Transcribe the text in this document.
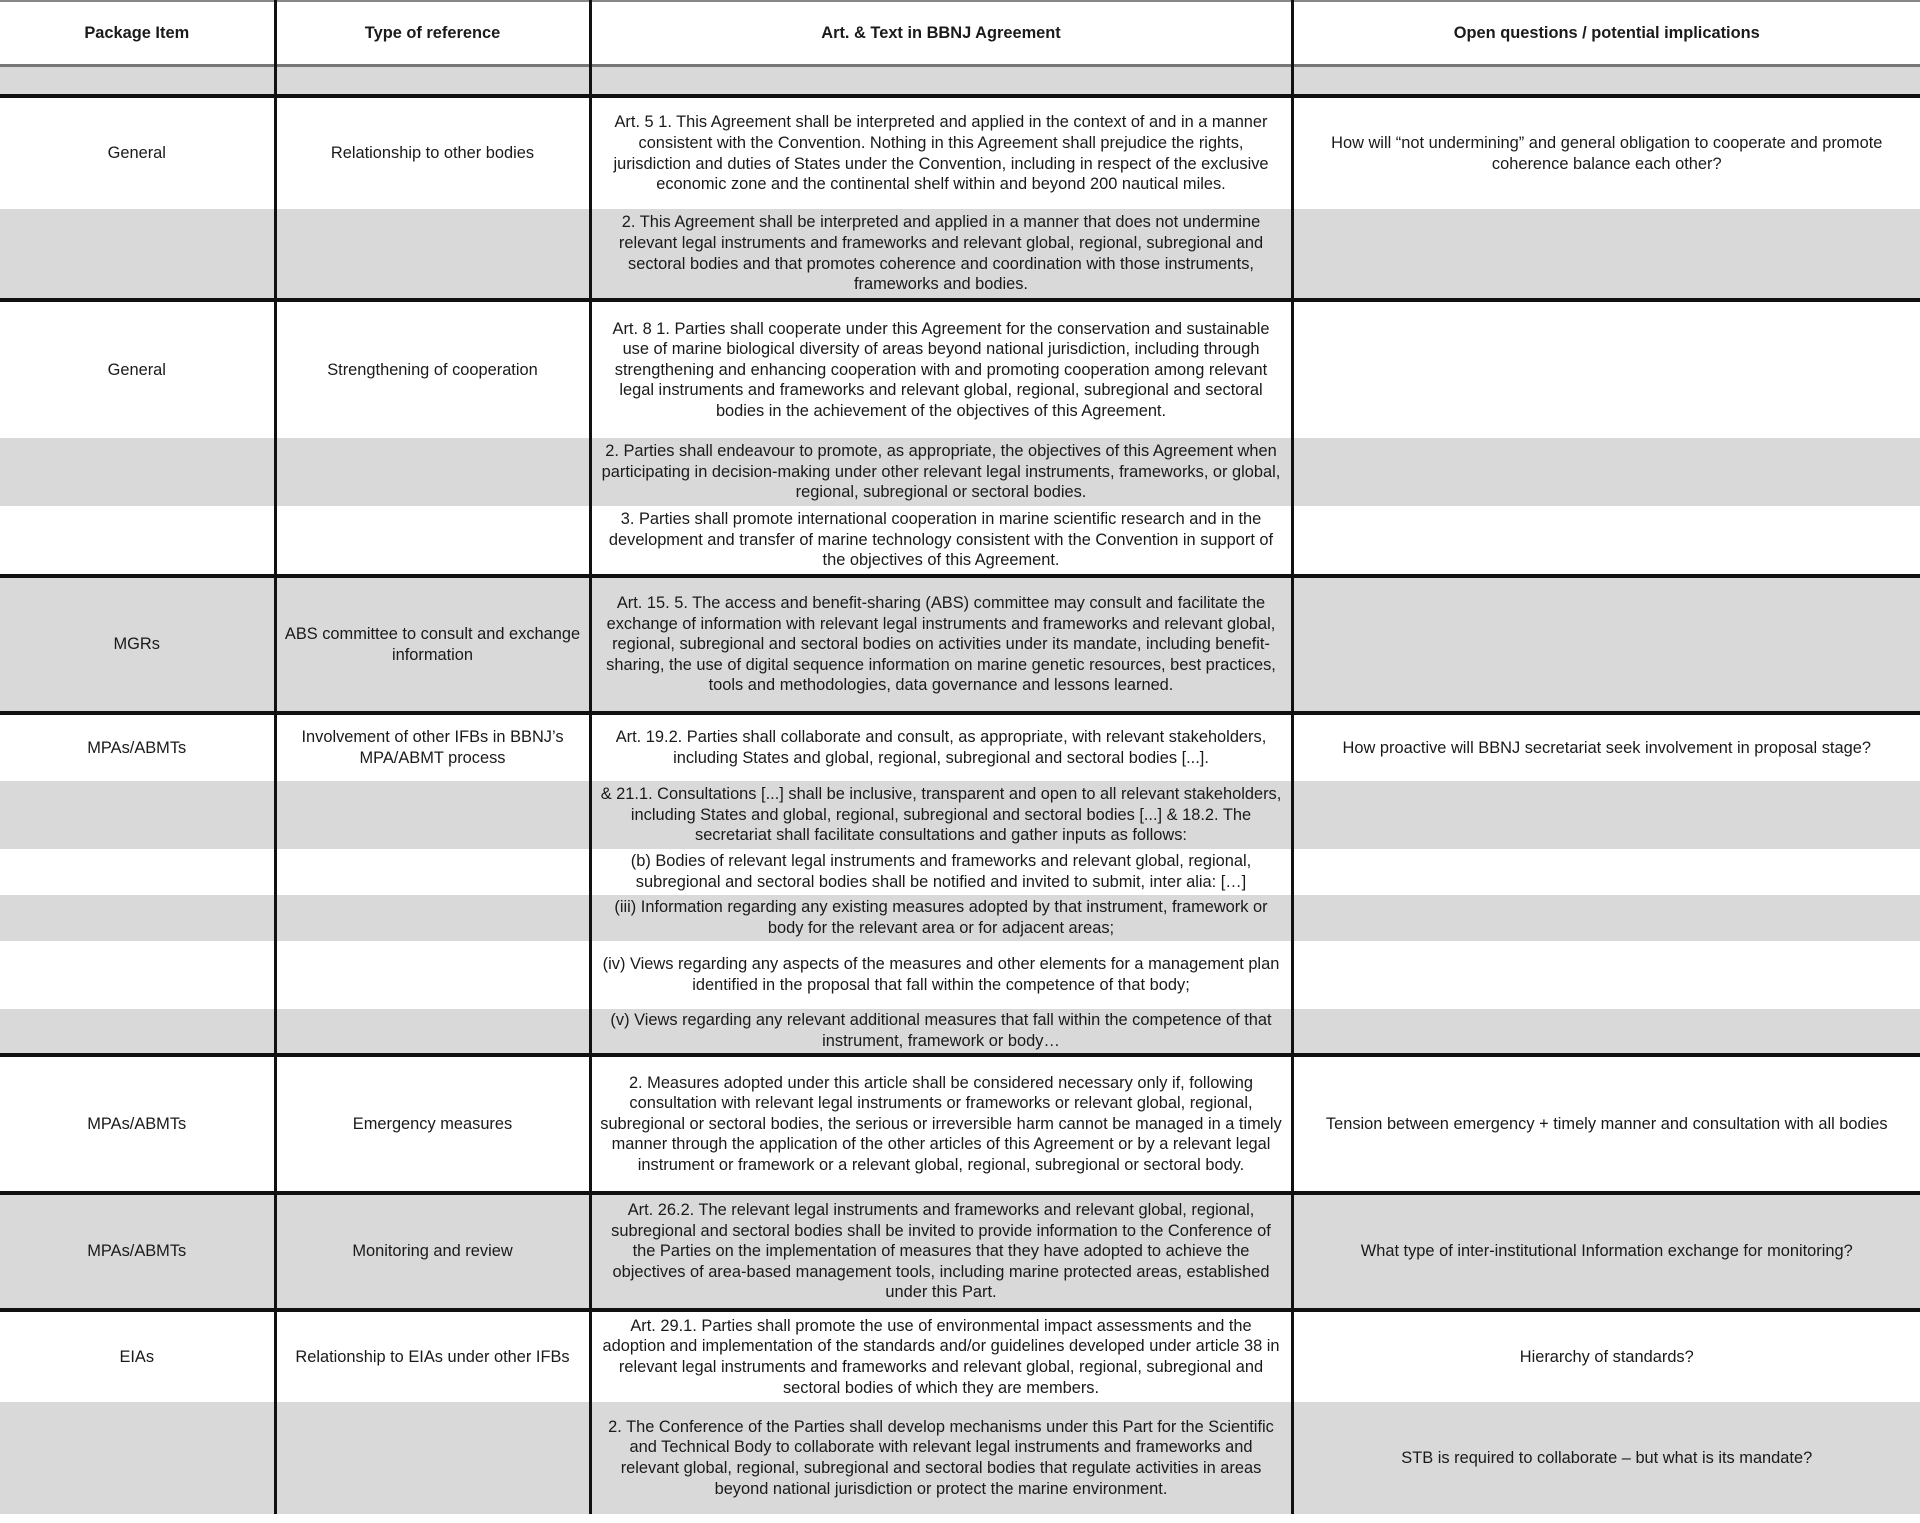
Package Item	Type of reference	Art. & Text in BBNJ Agreement	Open questions / potential implications

General	Relationship to other bodies	Art. 5 1. This Agreement shall be interpreted and applied in the context of and in a manner consistent with the Convention. Nothing in this Agreement shall prejudice the rights, jurisdiction and duties of States under the Convention, including in respect of the exclusive economic zone and the continental shelf within and beyond 200 nautical miles.	How will “not undermining” and general obligation to cooperate and promote coherence balance each other?
		2. This Agreement shall be interpreted and applied in a manner that does not undermine relevant legal instruments and frameworks and relevant global, regional, subregional and sectoral bodies and that promotes coherence and coordination with those instruments, frameworks and bodies.	
General	Strengthening of cooperation	Art. 8 1. Parties shall cooperate under this Agreement for the conservation and sustainable use of marine biological diversity of areas beyond national jurisdiction, including through strengthening and enhancing cooperation with and promoting cooperation among relevant legal instruments and frameworks and relevant global, regional, subregional and sectoral bodies in the achievement of the objectives of this Agreement.	
		2. Parties shall endeavour to promote, as appropriate, the objectives of this Agreement when participating in decision-making under other relevant legal instruments, frameworks, or global, regional, subregional or sectoral bodies.	
		3. Parties shall promote international cooperation in marine scientific research and in the development and transfer of marine technology consistent with the Convention in support of the objectives of this Agreement.	
MGRs	ABS committee to consult and exchange information	Art. 15. 5. The access and benefit-sharing (ABS) committee may consult and facilitate the exchange of information with relevant legal instruments and frameworks and relevant global, regional, subregional and sectoral bodies on activities under its mandate, including benefit-sharing, the use of digital sequence information on marine genetic resources, best practices, tools and methodologies, data governance and lessons learned.	
MPAs/ABMTs	Involvement of other IFBs in BBNJ’s MPA/ABMT process	Art. 19.2. Parties shall collaborate and consult, as appropriate, with relevant stakeholders, including States and global, regional, subregional and sectoral bodies [...].	How proactive will BBNJ secretariat seek involvement in proposal stage?
		& 21.1. Consultations [...] shall be inclusive, transparent and open to all relevant stakeholders, including States and global, regional, subregional and sectoral bodies [...] & 18.2. The secretariat shall facilitate consultations and gather inputs as follows:	
		(b) Bodies of relevant legal instruments and frameworks and relevant global, regional, subregional and sectoral bodies shall be notified and invited to submit, inter alia: […]	
		(iii) Information regarding any existing measures adopted by that instrument, framework or body for the relevant area or for adjacent areas;	
		(iv) Views regarding any aspects of the measures and other elements for a management plan identified in the proposal that fall within the competence of that body;	
		(v) Views regarding any relevant additional measures that fall within the competence of that instrument, framework or body…	
MPAs/ABMTs	Emergency measures	2. Measures adopted under this article shall be considered necessary only if, following consultation with relevant legal instruments or frameworks or relevant global, regional, subregional or sectoral bodies, the serious or irreversible harm cannot be managed in a timely manner through the application of the other articles of this Agreement or by a relevant legal instrument or framework or a relevant global, regional, subregional or sectoral body.	Tension between emergency + timely manner and consultation with all bodies
MPAs/ABMTs	Monitoring and review	Art. 26.2. The relevant legal instruments and frameworks and relevant global, regional, subregional and sectoral bodies shall be invited to provide information to the Conference of the Parties on the implementation of measures that they have adopted to achieve the objectives of area-based management tools, including marine protected areas, established under this Part.	What type of inter-institutional Information exchange for monitoring?
EIAs	Relationship to EIAs under other IFBs	Art. 29.1. Parties shall promote the use of environmental impact assessments and the adoption and implementation of the standards and/or guidelines developed under article 38 in relevant legal instruments and frameworks and relevant global, regional, subregional and sectoral bodies of which they are members.	Hierarchy of standards?
		2. The Conference of the Parties shall develop mechanisms under this Part for the Scientific and Technical Body to collaborate with relevant legal instruments and frameworks and relevant global, regional, subregional and sectoral bodies that regulate activities in areas beyond national jurisdiction or protect the marine environment.	STB is required to collaborate – but what is its mandate?
